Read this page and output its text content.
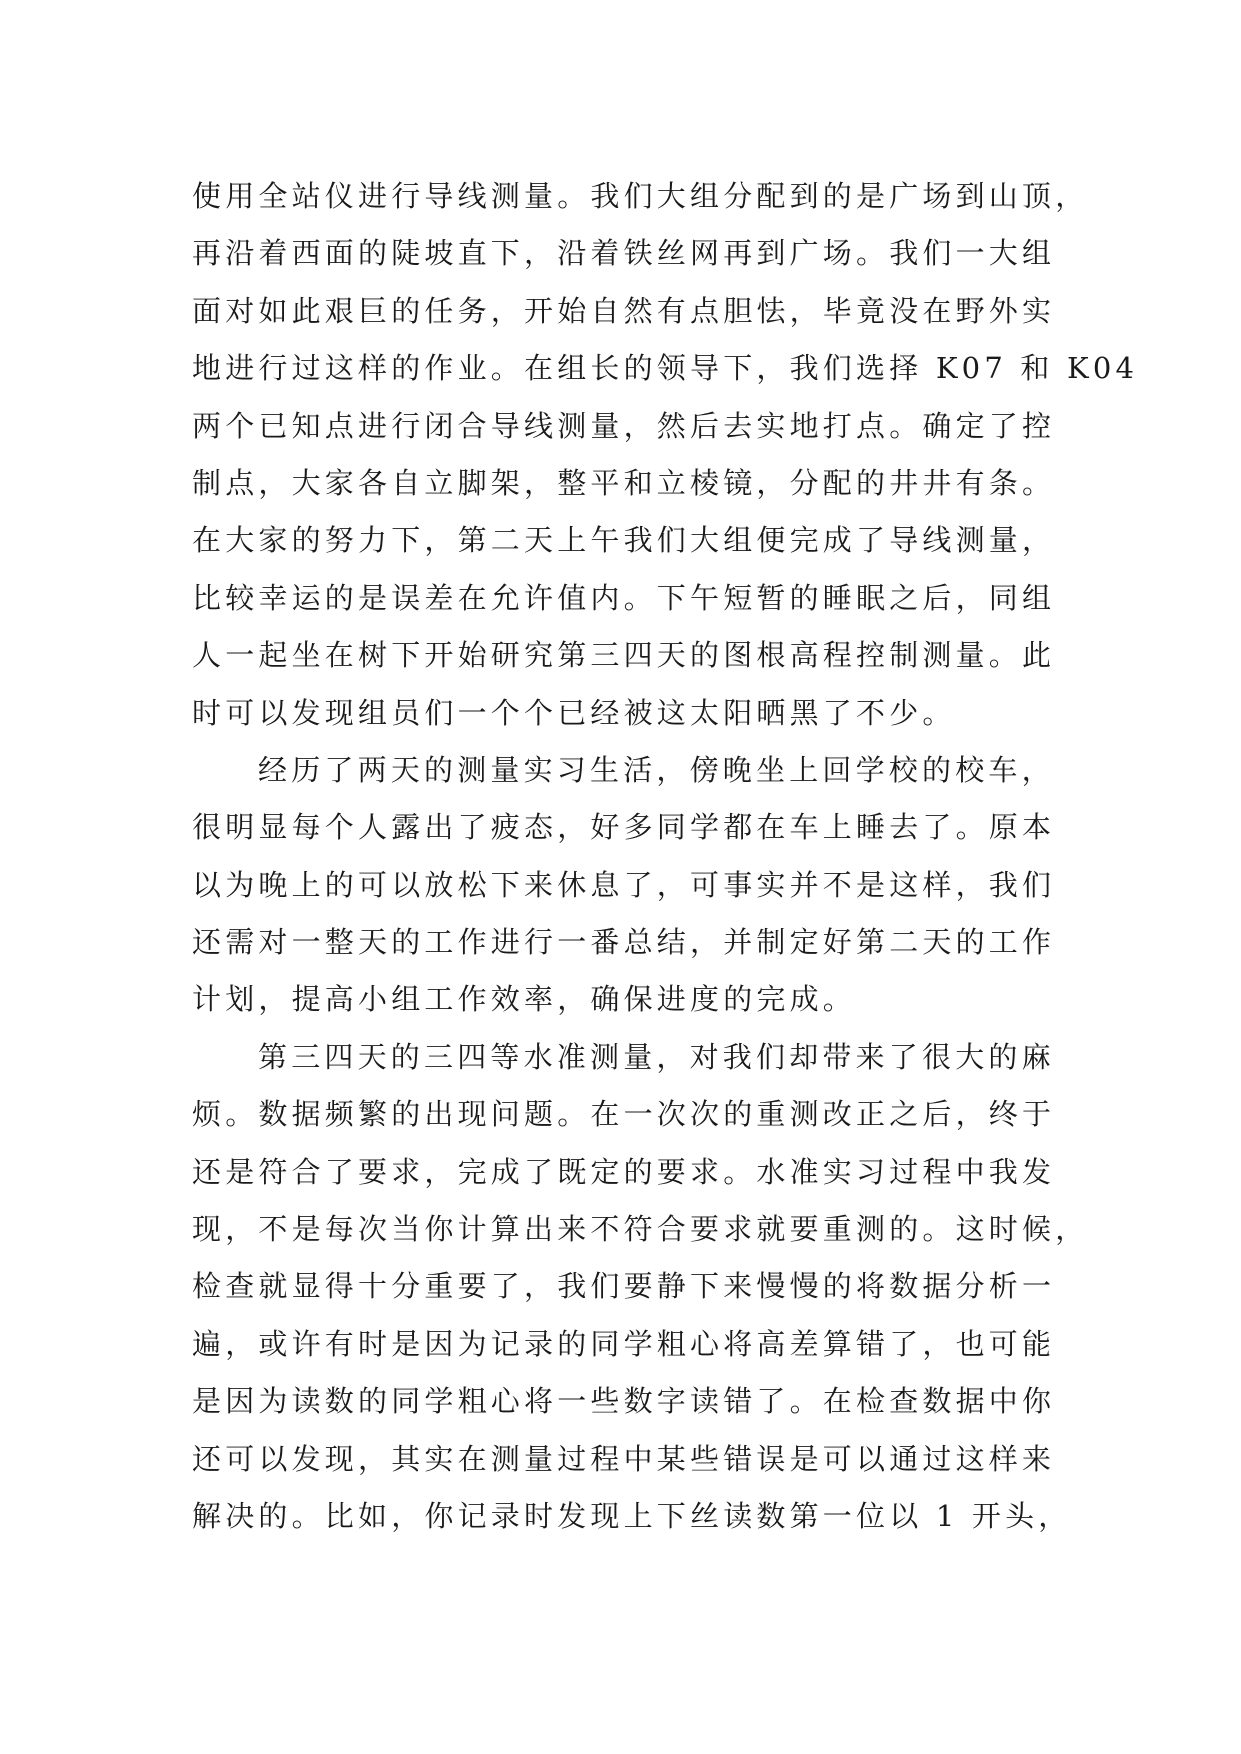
使用全站仪进行导线测量。我们大组分配到的是广场到山顶，
再沿着西面的陡坡直下，沿着铁丝网再到广场。我们一大组
面对如此艰巨的任务，开始自然有点胆怯，毕竟没在野外实
地进行过这样的作业。在组长的领导下，我们选择 K07 和 K04
两个已知点进行闭合导线测量，然后去实地打点。确定了控
制点，大家各自立脚架，整平和立棱镜，分配的井井有条。
在大家的努力下，第二天上午我们大组便完成了导线测量，
比较幸运的是误差在允许值内。下午短暂的睡眠之后，同组
人一起坐在树下开始研究第三四天的图根高程控制测量。此
时可以发现组员们一个个已经被这太阳晒黑了不少。
经历了两天的测量实习生活，傍晚坐上回学校的校车，
很明显每个人露出了疲态，好多同学都在车上睡去了。原本
以为晚上的可以放松下来休息了，可事实并不是这样，我们
还需对一整天的工作进行一番总结，并制定好第二天的工作
计划，提高小组工作效率，确保进度的完成。
第三四天的三四等水准测量，对我们却带来了很大的麻
烦。数据频繁的出现问题。在一次次的重测改正之后，终于
还是符合了要求，完成了既定的要求。水准实习过程中我发
现，不是每次当你计算出来不符合要求就要重测的。这时候，
检查就显得十分重要了，我们要静下来慢慢的将数据分析一
遍，或许有时是因为记录的同学粗心将高差算错了，也可能
是因为读数的同学粗心将一些数字读错了。在检查数据中你
还可以发现，其实在测量过程中某些错误是可以通过这样来
解决的。比如，你记录时发现上下丝读数第一位以 1 开头，
